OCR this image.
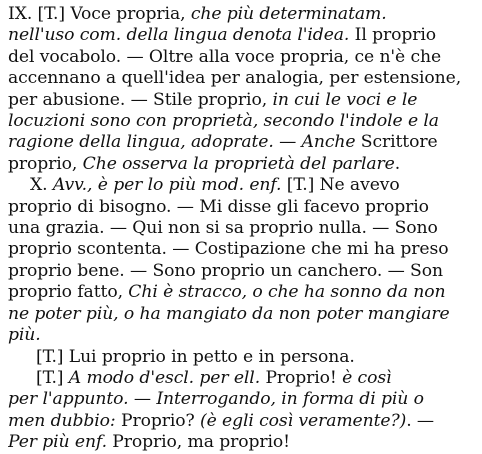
IX. [T.] Voce propria, che più determinatam.
nell'uso com. della lingua denota l'idea. Il proprio
del vocabolo. — Oltre alla voce propria, ce n'è che
accennano a quell'idea per analogia, per estensione,
per abusione. — Stile proprio, in cui le voci e le
locuzioni sono con proprietà, secondo l'indole e la
ragione della lingua, adoprate. — Anche Scrittore
proprio, Che osserva la proprietà del parlare.
X. Avv., è per lo più mod. enf. [T.] Ne avevo
proprio di bisogno. — Mi disse gli facevo proprio
una grazia. — Qui non si sa proprio nulla. — Sono
proprio scontenta. — Costipazione che mi ha preso
proprio bene. — Sono proprio un canchero. — Son
proprio fatto, Chi è stracco, o che ha sonno da non
ne poter più, o ha mangiato da non poter mangiare
più.
[T.] Lui proprio in petto e in persona.
[T.] A modo d'escl. per ell. Proprio! è così
per l'appunto. — Interrogando, in forma di più o
men dubbio: Proprio? (è egli così veramente?). —
Per più enf. Proprio, ma proprio!
